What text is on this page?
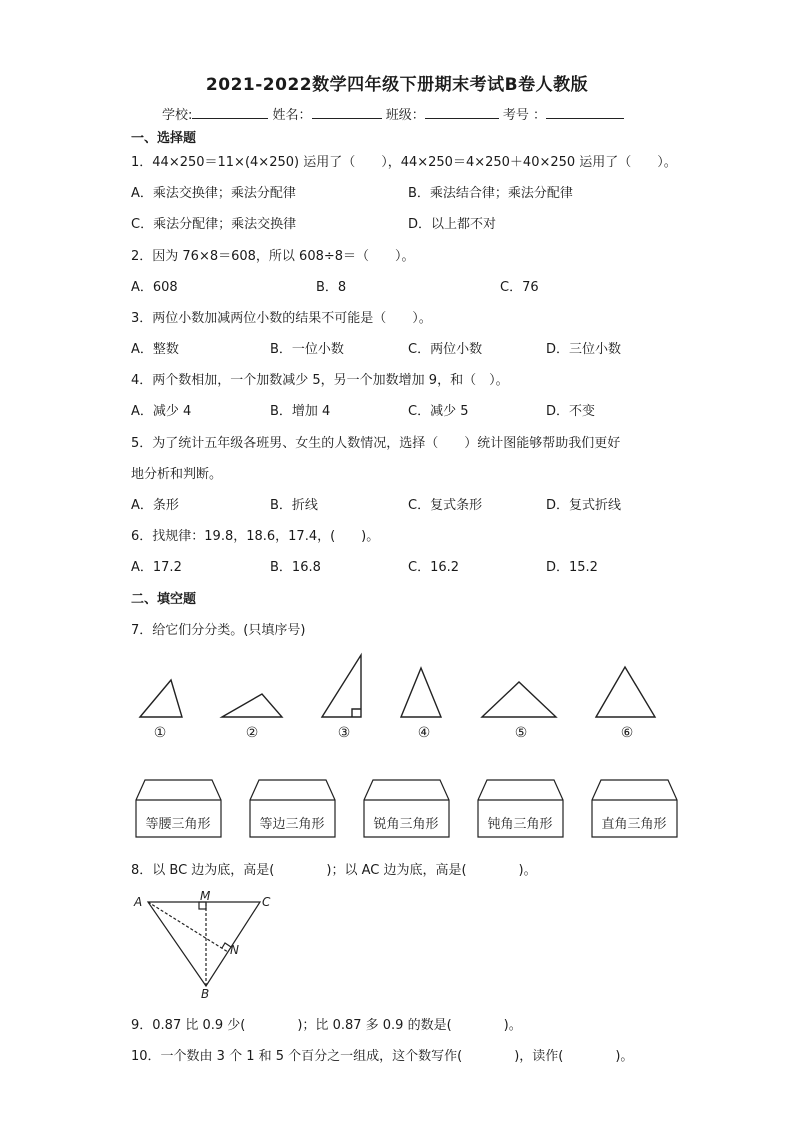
2021-2022数学四年级下册期末考试B卷人教版
学校:	姓名：	班级：	考号 ：
一、选择题
1．44×250＝11×(4×250) 运用了（　　），44×250＝4×250＋40×250 运用了（　　）。
A．乘法交换律；乘法分配律	B．乘法结合律；乘法分配律
C．乘法分配律；乘法交换律	D．以上都不对
2．因为 76×8＝608，所以 608÷8＝（　　）。
A．608	B．8	C．76
3．两位小数加减两位小数的结果不可能是（　　）。
A．整数	B．一位小数	C．两位小数	D．三位小数
4．两个数相加，一个加数减少 5，另一个加数增加 9，和（　）。
A．减少 4	B．增加 4	C．减少 5	D．不变
5．为了统计五年级各班男、女生的人数情况，选择（　　）统计图能够帮助我们更好
地分析和判断。
A．条形	B．折线	C．复式条形	D．复式折线
6．找规律：19.8，18.6，17.4，(　　)。
A．17.2	B．16.8	C．16.2	D．15.2
二、填空题
7．给它们分分类。(只填序号)
①	②	③	④	⑤	⑥
等腰三角形	等边三角形	锐角三角形	钝角三角形	直角三角形
8．以 BC 边为底，高是(　　　　)；以 AC 边为底，高是(　　　　)。
A	C
M
N
B
9．0.87 比 0.9 少(　　　　)；比 0.87 多 0.9 的数是(　　　　)。
10．一个数由 3 个 1 和 5 个百分之一组成，这个数写作(　　　　)，读作(　　　　)。
